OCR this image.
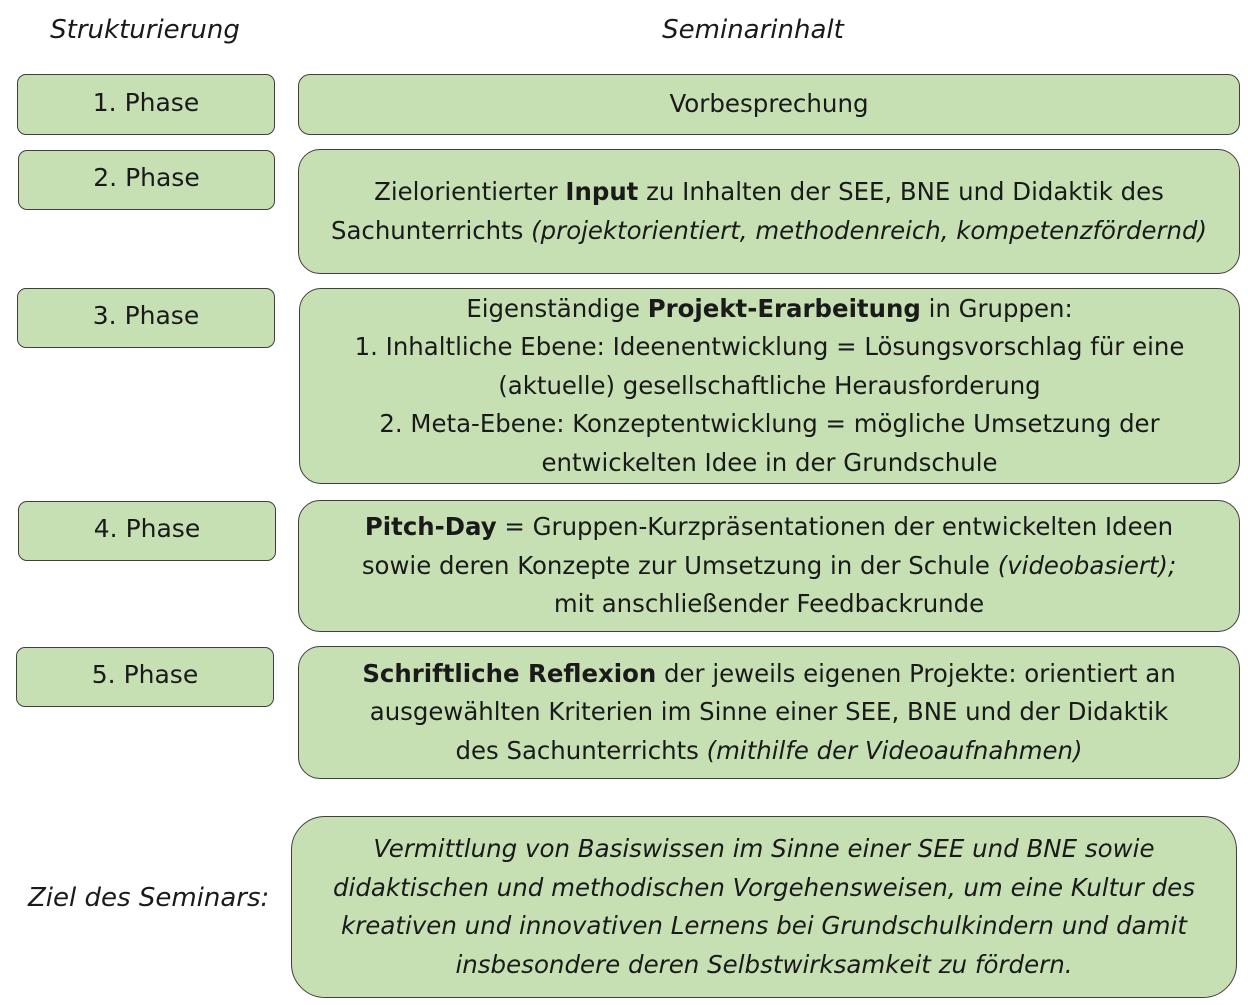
Strukturierung	Seminarinhalt
1. Phase
2. Phase
3. Phase
4. Phase
5. Phase
Vorbesprechung
Zielorientierter Input zu Inhalten der SEE, BNE und Didaktik des
Sachunterrichts (projektorientiert, methodenreich, kompetenzfördernd)
Eigenständige Projekt-Erarbeitung in Gruppen:
1. Inhaltliche Ebene: Ideenentwicklung = Lösungsvorschlag für eine
(aktuelle) gesellschaftliche Herausforderung
2. Meta-Ebene: Konzeptentwicklung = mögliche Umsetzung der
entwickelten Idee in der Grundschule
Pitch-Day = Gruppen-Kurzpräsentationen der entwickelten Ideen
sowie deren Konzepte zur Umsetzung in der Schule (videobasiert);
mit anschließender Feedbackrunde
Schriftliche Reflexion der jeweils eigenen Projekte: orientiert an
ausgewählten Kriterien im Sinne einer SEE, BNE und der Didaktik
des Sachunterrichts (mithilfe der Videoaufnahmen)
Ziel des Seminars:
Vermittlung von Basiswissen im Sinne einer SEE und BNE sowie
didaktischen und methodischen Vorgehensweisen, um eine Kultur des
kreativen und innovativen Lernens bei Grundschulkindern und damit
insbesondere deren Selbstwirksamkeit zu fördern.
